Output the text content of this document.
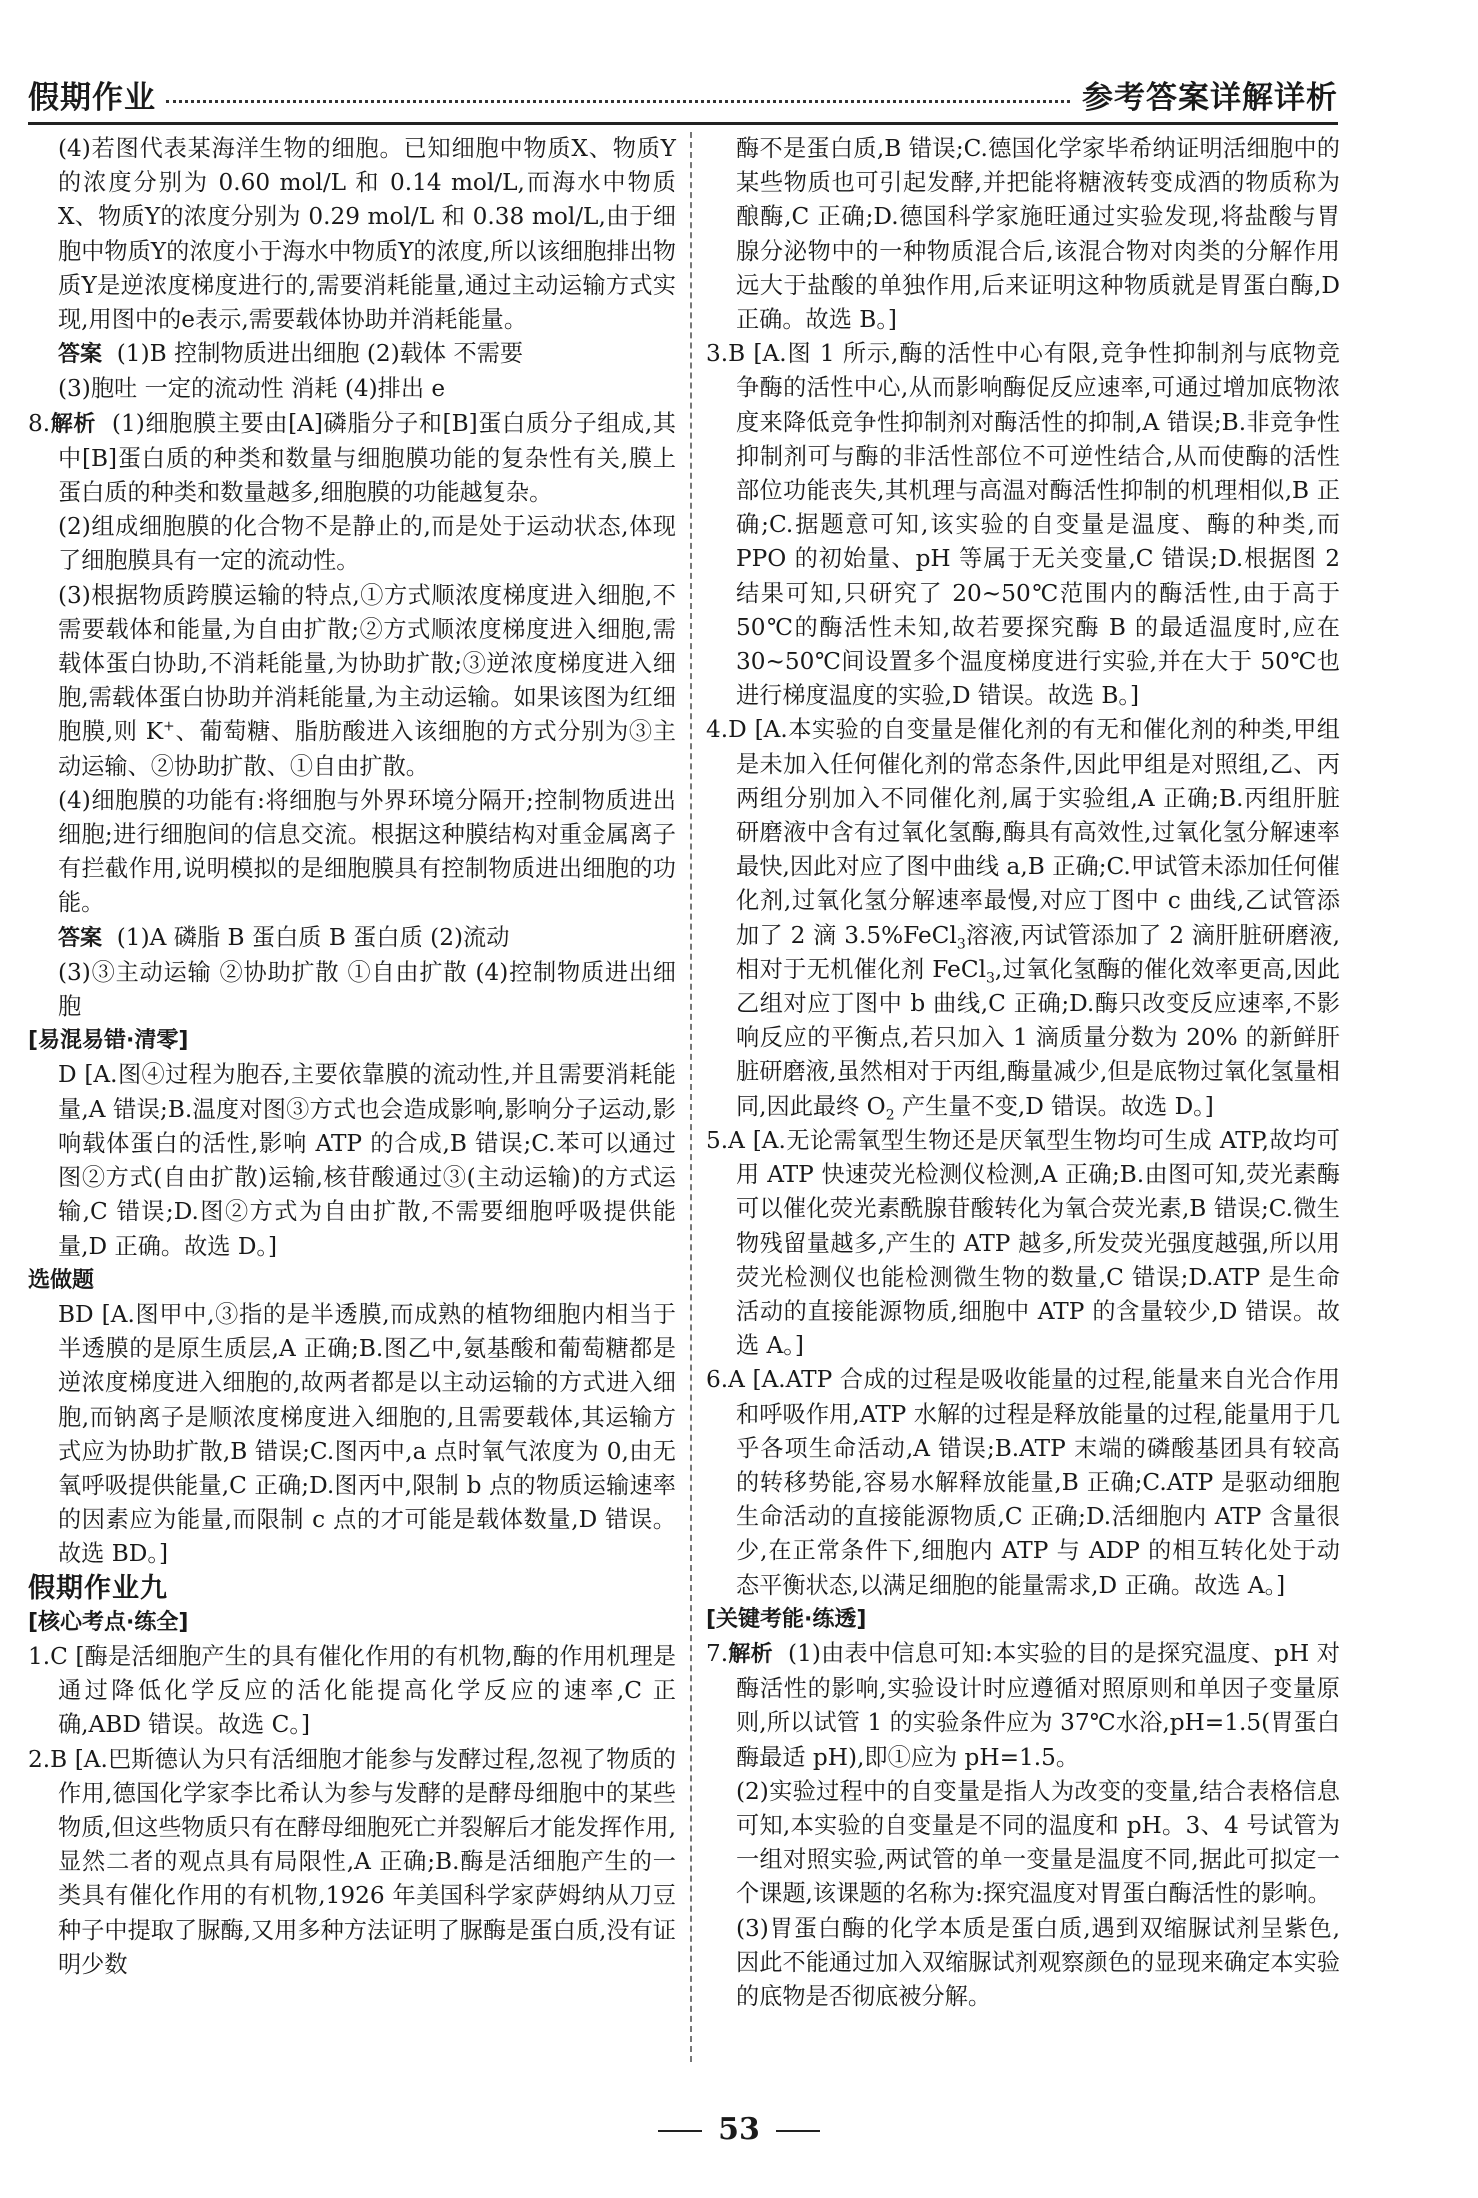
假期作业	参考答案详解详析

(4)若图代表某海洋生物的细胞。已知细胞中物质X、物质Y的浓度分别为 0.60 mol/L 和 0.14 mol/L,而海水中物质X、物质Y的浓度分别为 0.29 mol/L 和 0.38 mol/L,由于细胞中物质Y的浓度小于海水中物质Y的浓度,所以该细胞排出物质Y是逆浓度梯度进行的,需要消耗能量,通过主动运输方式实现,用图中的e表示,需要载体协助并消耗能量。

答案 (1)B 控制物质进出细胞 (2)载体 不需要

(3)胞吐 一定的流动性 消耗 (4)排出 e

8.解析 (1)细胞膜主要由[A]磷脂分子和[B]蛋白质分子组成,其中[B]蛋白质的种类和数量与细胞膜功能的复杂性有关,膜上蛋白质的种类和数量越多,细胞膜的功能越复杂。

(2)组成细胞膜的化合物不是静止的,而是处于运动状态,体现了细胞膜具有一定的流动性。

(3)根据物质跨膜运输的特点,①方式顺浓度梯度进入细胞,不需要载体和能量,为自由扩散;②方式顺浓度梯度进入细胞,需载体蛋白协助,不消耗能量,为协助扩散;③逆浓度梯度进入细胞,需载体蛋白协助并消耗能量,为主动运输。如果该图为红细胞膜,则 K+、葡萄糖、脂肪酸进入该细胞的方式分别为③主动运输、②协助扩散、①自由扩散。

(4)细胞膜的功能有:将细胞与外界环境分隔开;控制物质进出细胞;进行细胞间的信息交流。根据这种膜结构对重金属离子有拦截作用,说明模拟的是细胞膜具有控制物质进出细胞的功能。

答案 (1)A 磷脂 B 蛋白质 B 蛋白质 (2)流动

(3)③主动运输 ②协助扩散 ①自由扩散 (4)控制物质进出细胞

[易混易错·清零]

D [A.图④过程为胞吞,主要依靠膜的流动性,并且需要消耗能量,A 错误;B.温度对图③方式也会造成影响,影响分子运动,影响载体蛋白的活性,影响 ATP 的合成,B 错误;C.苯可以通过图②方式(自由扩散)运输,核苷酸通过③(主动运输)的方式运输,C 错误;D.图②方式为自由扩散,不需要细胞呼吸提供能量,D 正确。故选 D。]

选做题

BD [A.图甲中,③指的是半透膜,而成熟的植物细胞内相当于半透膜的是原生质层,A 正确;B.图乙中,氨基酸和葡萄糖都是逆浓度梯度进入细胞的,故两者都是以主动运输的方式进入细胞,而钠离子是顺浓度梯度进入细胞的,且需要载体,其运输方式应为协助扩散,B 错误;C.图丙中,a 点时氧气浓度为 0,由无氧呼吸提供能量,C 正确;D.图丙中,限制 b 点的物质运输速率的因素应为能量,而限制 c 点的才可能是载体数量,D 错误。故选 BD。]

假期作业九

[核心考点·练全]

1.C [酶是活细胞产生的具有催化作用的有机物,酶的作用机理是通过降低化学反应的活化能提高化学反应的速率,C 正确,ABD 错误。故选 C。]

2.B [A.巴斯德认为只有活细胞才能参与发酵过程,忽视了物质的作用,德国化学家李比希认为参与发酵的是酵母细胞中的某些物质,但这些物质只有在酵母细胞死亡并裂解后才能发挥作用,显然二者的观点具有局限性,A 正确;B.酶是活细胞产生的一类具有催化作用的有机物,1926 年美国科学家萨姆纳从刀豆种子中提取了脲酶,又用多种方法证明了脲酶是蛋白质,没有证明少数

酶不是蛋白质,B 错误;C.德国化学家毕希纳证明活细胞中的某些物质也可引起发酵,并把能将糖液转变成酒的物质称为酿酶,C 正确;D.德国科学家施旺通过实验发现,将盐酸与胃腺分泌物中的一种物质混合后,该混合物对肉类的分解作用远大于盐酸的单独作用,后来证明这种物质就是胃蛋白酶,D 正确。故选 B。]

3.B [A.图 1 所示,酶的活性中心有限,竞争性抑制剂与底物竞争酶的活性中心,从而影响酶促反应速率,可通过增加底物浓度来降低竞争性抑制剂对酶活性的抑制,A 错误;B.非竞争性抑制剂可与酶的非活性部位不可逆性结合,从而使酶的活性部位功能丧失,其机理与高温对酶活性抑制的机理相似,B 正确;C.据题意可知,该实验的自变量是温度、酶的种类,而 PPO 的初始量、pH 等属于无关变量,C 错误;D.根据图 2 结果可知,只研究了 20~50℃范围内的酶活性,由于高于 50℃的酶活性未知,故若要探究酶 B 的最适温度时,应在 30~50℃间设置多个温度梯度进行实验,并在大于 50℃也进行梯度温度的实验,D 错误。故选 B。]

4.D [A.本实验的自变量是催化剂的有无和催化剂的种类,甲组是未加入任何催化剂的常态条件,因此甲组是对照组,乙、丙两组分别加入不同催化剂,属于实验组,A 正确;B.丙组肝脏研磨液中含有过氧化氢酶,酶具有高效性,过氧化氢分解速率最快,因此对应了图中曲线 a,B 正确;C.甲试管未添加任何催化剂,过氧化氢分解速率最慢,对应丁图中 c 曲线,乙试管添加了 2 滴 3.5%FeCl$_3$溶液,丙试管添加了 2 滴肝脏研磨液,相对于无机催化剂 FeCl$_3$,过氧化氢酶的催化效率更高,因此乙组对应丁图中 b 曲线,C 正确;D.酶只改变反应速率,不影响反应的平衡点,若只加入 1 滴质量分数为 20% 的新鲜肝脏研磨液,虽然相对于丙组,酶量减少,但是底物过氧化氢量相同,因此最终 $O_2$ 产生量不变,D 错误。故选 D。]

5.A [A.无论需氧型生物还是厌氧型生物均可生成 ATP,故均可用 ATP 快速荧光检测仪检测,A 正确;B.由图可知,荧光素酶可以催化荧光素酰腺苷酸转化为氧合荧光素,B 错误;C.微生物残留量越多,产生的 ATP 越多,所发荧光强度越强,所以用荧光检测仪也能检测微生物的数量,C 错误;D.ATP 是生命活动的直接能源物质,细胞中 ATP 的含量较少,D 错误。故选 A。]

6.A [A.ATP 合成的过程是吸收能量的过程,能量来自光合作用和呼吸作用,ATP 水解的过程是释放能量的过程,能量用于几乎各项生命活动,A 错误;B.ATP 末端的磷酸基团具有较高的转移势能,容易水解释放能量,B 正确;C.ATP 是驱动细胞生命活动的直接能源物质,C 正确;D.活细胞内 ATP 含量很少,在正常条件下,细胞内 ATP 与 ADP 的相互转化处于动态平衡状态,以满足细胞的能量需求,D 正确。故选 A。]

[关键考能·练透]

7.解析 (1)由表中信息可知:本实验的目的是探究温度、pH 对酶活性的影响,实验设计时应遵循对照原则和单因子变量原则,所以试管 1 的实验条件应为 37℃水浴,pH=1.5(胃蛋白酶最适 pH),即①应为 pH=1.5。

(2)实验过程中的自变量是指人为改变的变量,结合表格信息可知,本实验的自变量是不同的温度和 pH。3、4 号试管为一组对照实验,两试管的单一变量是温度不同,据此可拟定一个课题,该课题的名称为:探究温度对胃蛋白酶活性的影响。

(3)胃蛋白酶的化学本质是蛋白质,遇到双缩脲试剂呈紫色,因此不能通过加入双缩脲试剂观察颜色的显现来确定本实验的底物是否彻底被分解。

53
